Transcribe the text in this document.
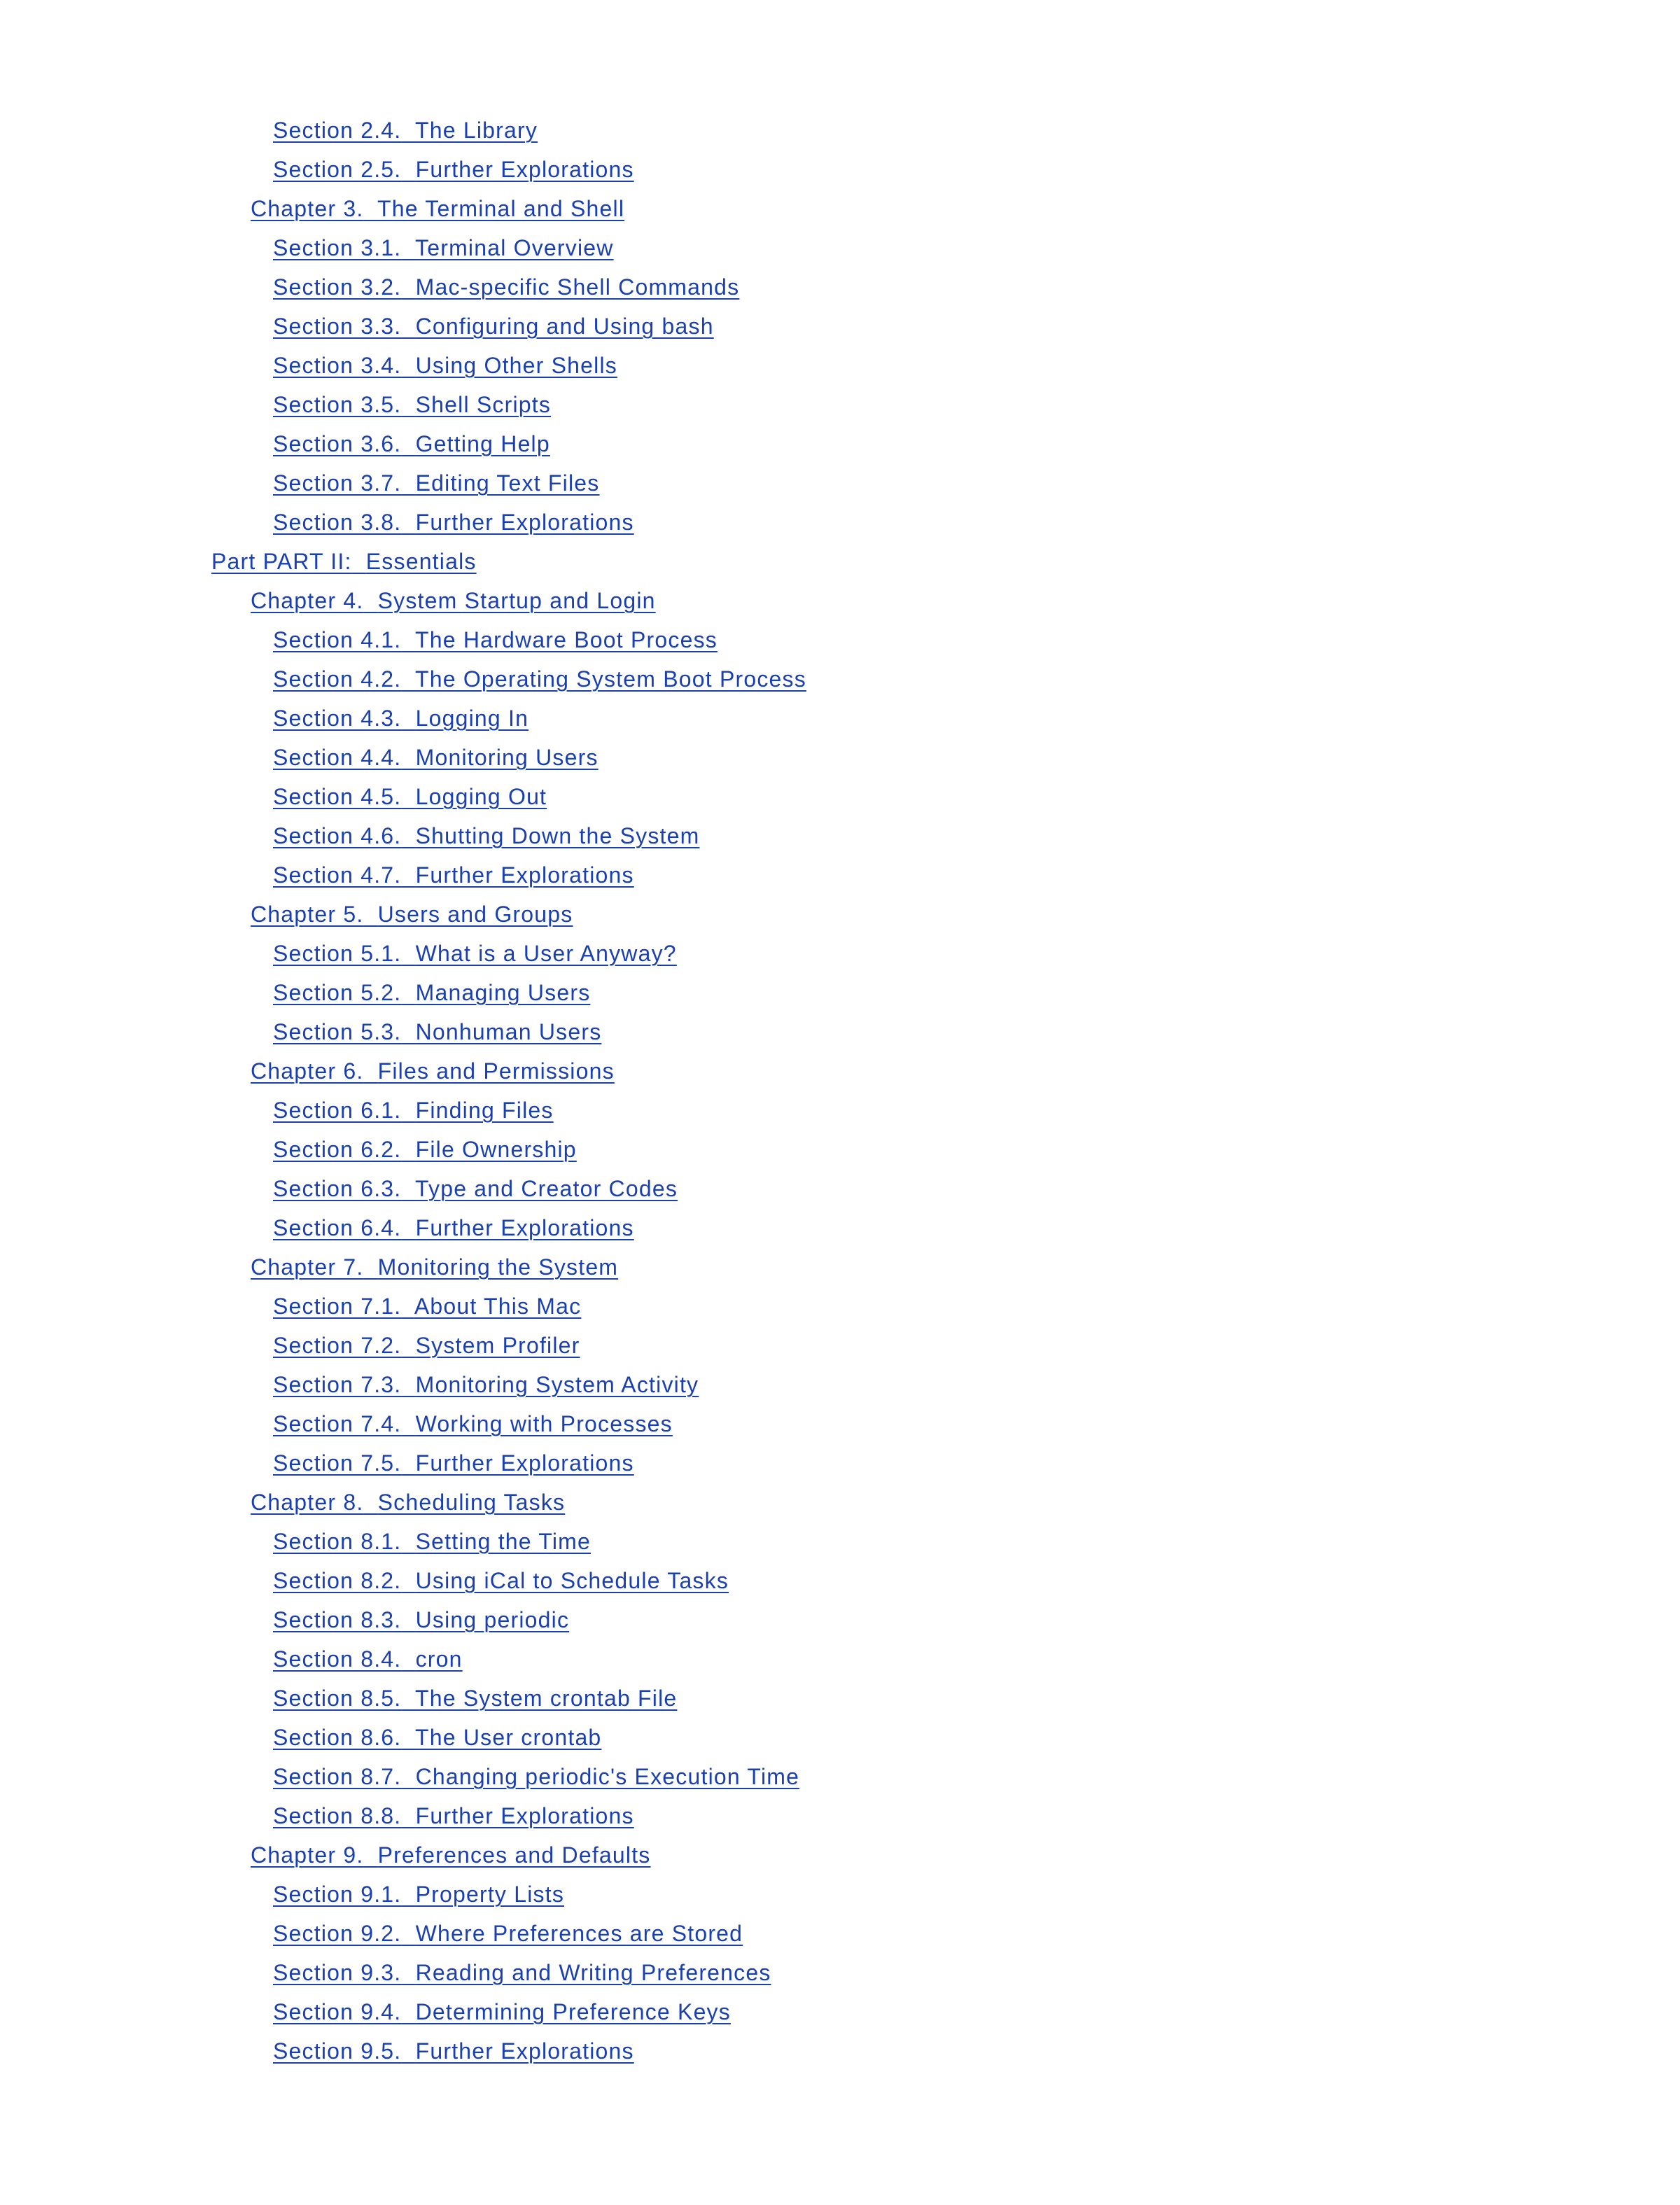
Section 2.4. The Library
Section 2.5. Further Explorations
Chapter 3. The Terminal and Shell
Section 3.1. Terminal Overview
Section 3.2. Mac-specific Shell Commands
Section 3.3. Configuring and Using bash
Section 3.4. Using Other Shells
Section 3.5. Shell Scripts
Section 3.6. Getting Help
Section 3.7. Editing Text Files
Section 3.8. Further Explorations
Part PART II: Essentials
Chapter 4. System Startup and Login
Section 4.1. The Hardware Boot Process
Section 4.2. The Operating System Boot Process
Section 4.3. Logging In
Section 4.4. Monitoring Users
Section 4.5. Logging Out
Section 4.6. Shutting Down the System
Section 4.7. Further Explorations
Chapter 5. Users and Groups
Section 5.1. What is a User Anyway?
Section 5.2. Managing Users
Section 5.3. Nonhuman Users
Chapter 6. Files and Permissions
Section 6.1. Finding Files
Section 6.2. File Ownership
Section 6.3. Type and Creator Codes
Section 6.4. Further Explorations
Chapter 7. Monitoring the System
Section 7.1. About This Mac
Section 7.2. System Profiler
Section 7.3. Monitoring System Activity
Section 7.4. Working with Processes
Section 7.5. Further Explorations
Chapter 8. Scheduling Tasks
Section 8.1. Setting the Time
Section 8.2. Using iCal to Schedule Tasks
Section 8.3. Using periodic
Section 8.4. cron
Section 8.5. The System crontab File
Section 8.6. The User crontab
Section 8.7. Changing periodic's Execution Time
Section 8.8. Further Explorations
Chapter 9. Preferences and Defaults
Section 9.1. Property Lists
Section 9.2. Where Preferences are Stored
Section 9.3. Reading and Writing Preferences
Section 9.4. Determining Preference Keys
Section 9.5. Further Explorations
